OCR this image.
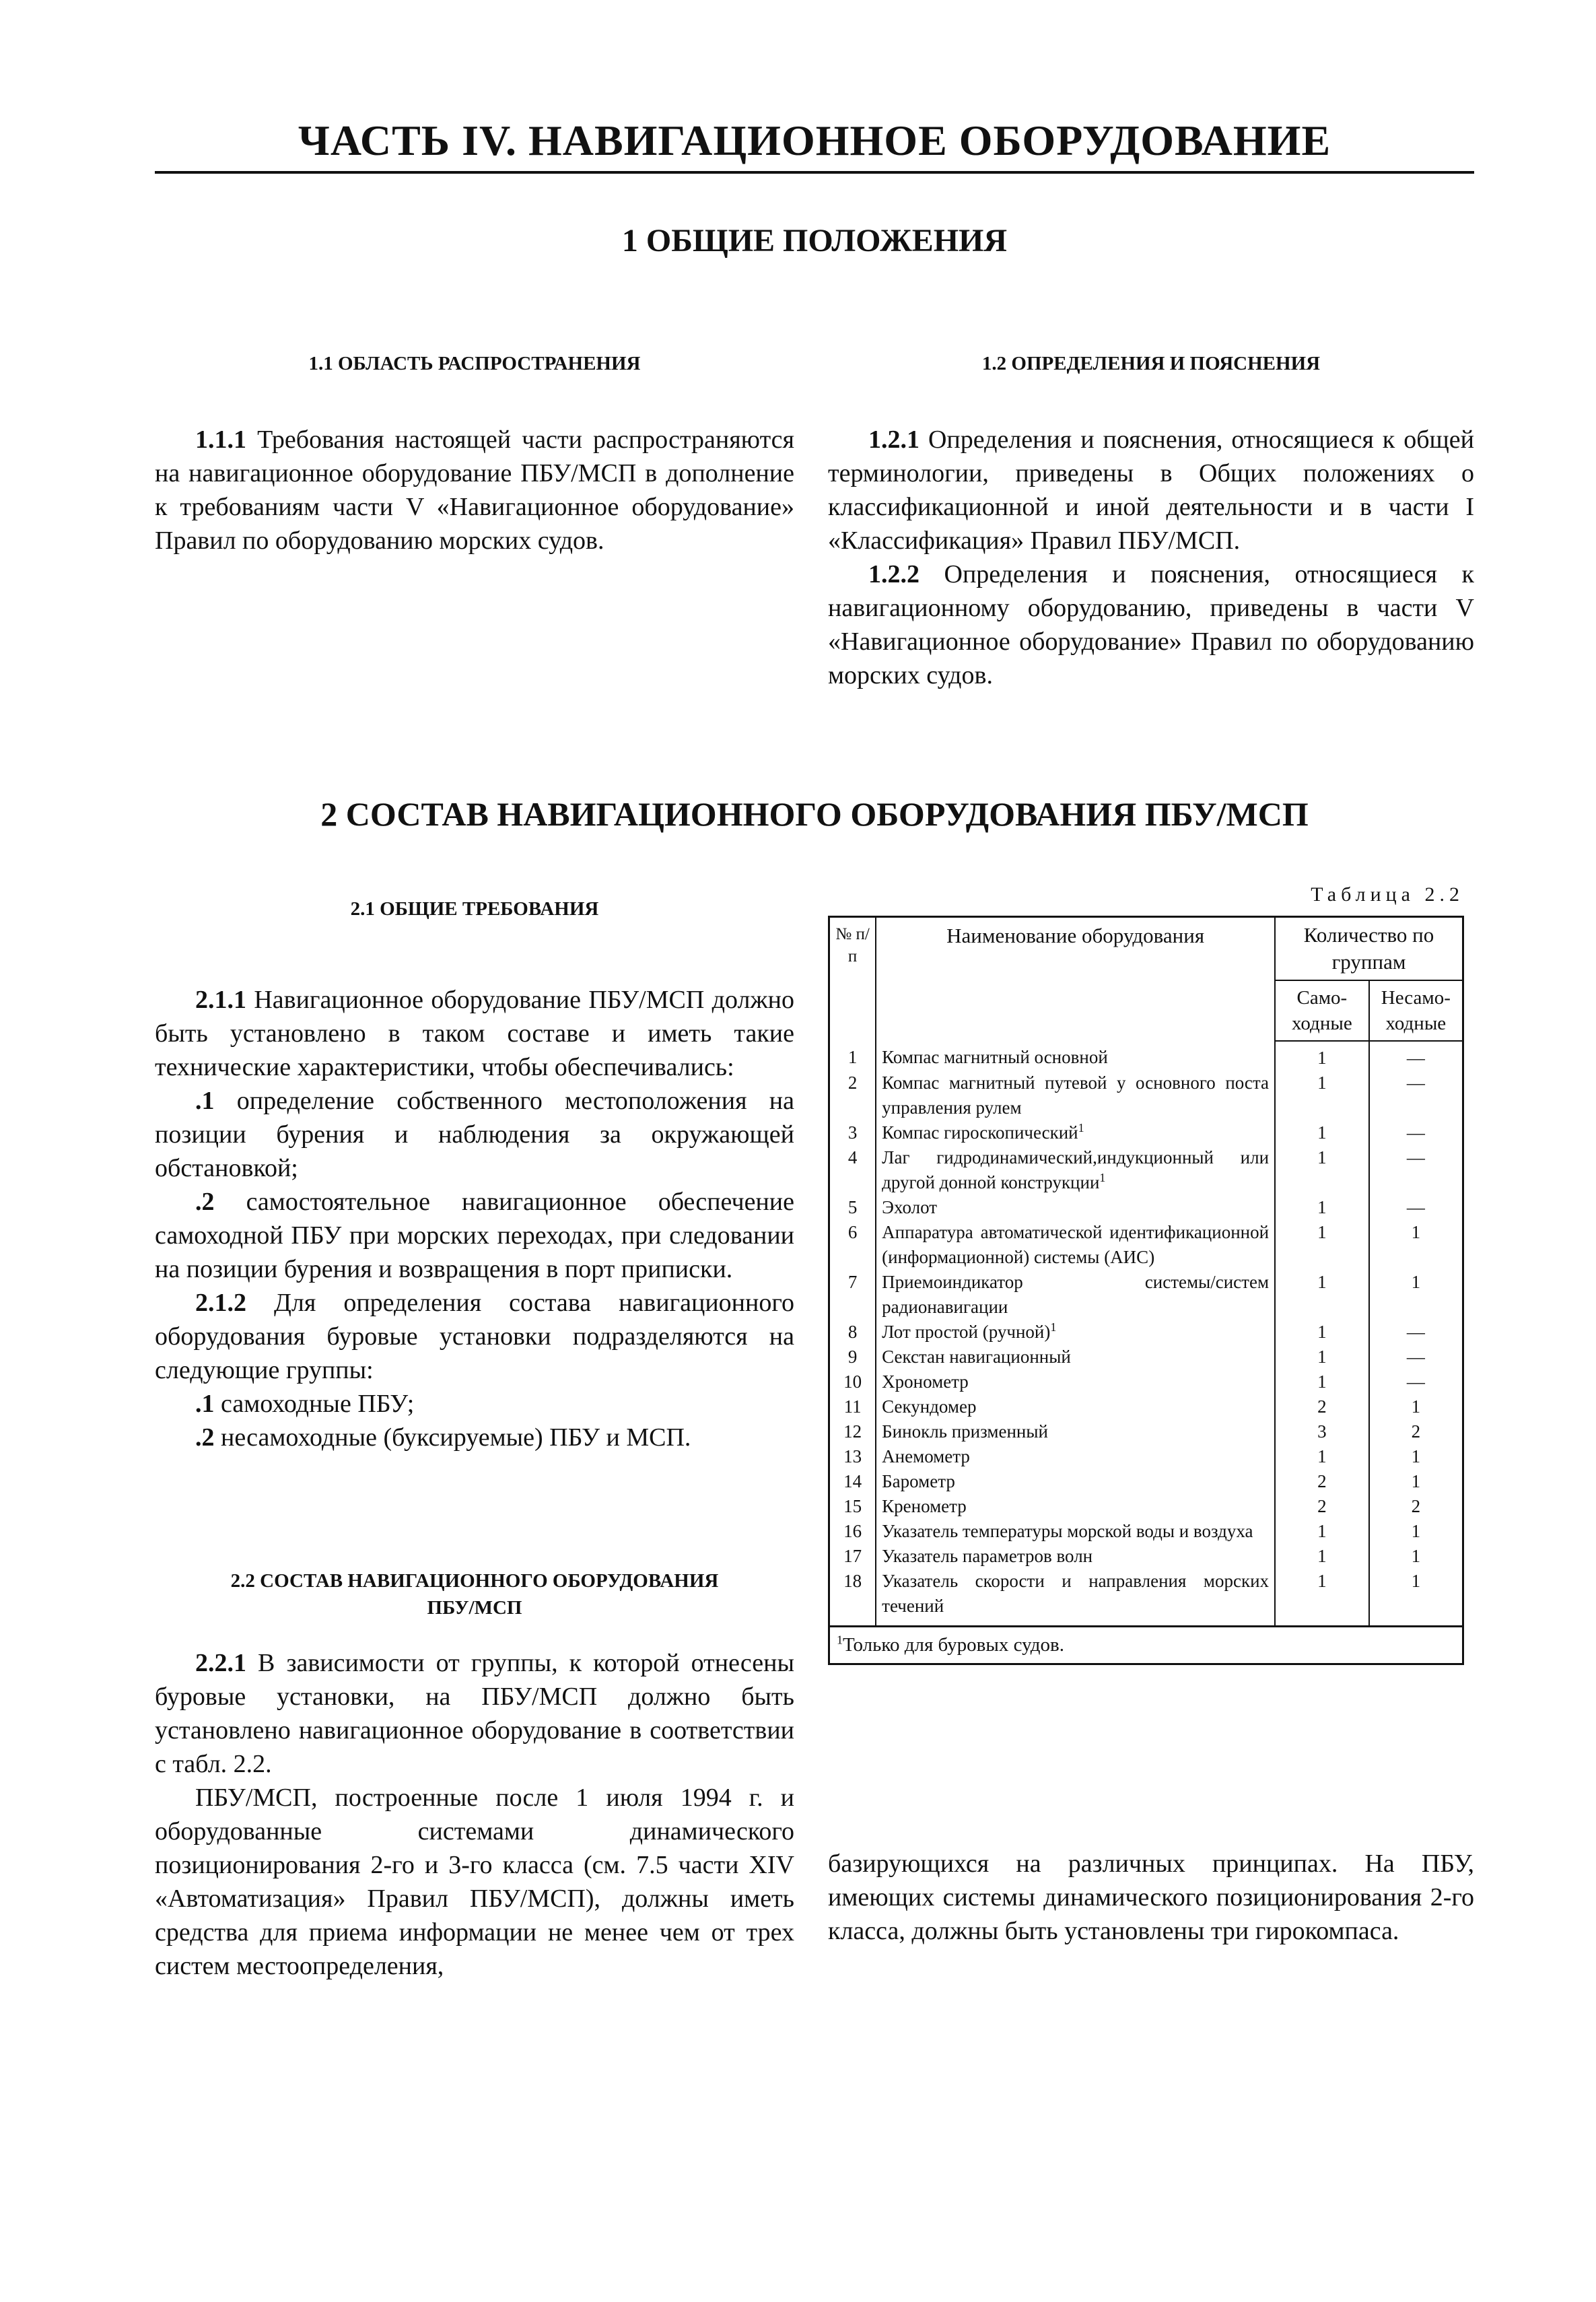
ЧАСТЬ IV. НАВИГАЦИОННОЕ ОБОРУДОВАНИЕ
1 ОБЩИЕ ПОЛОЖЕНИЯ
1.1 ОБЛАСТЬ РАСПРОСТРАНЕНИЯ	1.2 ОПРЕДЕЛЕНИЯ И ПОЯСНЕНИЯ

1.1.1 Требования настоящей части распространяются на навигационное оборудование ПБУ/МСП в дополнение к требованиям части V «Навигационное оборудование» Правил по оборудованию морских судов.

1.2.1 Определения и пояснения, относящиеся к общей терминологии, приведены в Общих положениях о классификационной и иной деятельности и в части I «Классификация» Правил ПБУ/МСП.

1.2.2 Определения и пояснения, относящиеся к навигационному оборудованию, приведены в части V «Навигационное оборудование» Правил по оборудованию морских судов.

2 СОСТАВ НАВИГАЦИОННОГО ОБОРУДОВАНИЯ ПБУ/МСП
2.1 ОБЩИЕ ТРЕБОВАНИЯ

2.1.1 Навигационное оборудование ПБУ/МСП должно быть установлено в таком составе и иметь такие технические характеристики, чтобы обеспечивались:

.1 определение собственного местоположения на позиции бурения и наблюдения за окружающей обстановкой;

.2 самостоятельное навигационное обеспечение самоходной ПБУ при морских переходах, при следовании на позиции бурения и возвращения в порт приписки.

2.1.2 Для определения состава навигационного оборудования буровые установки подразделяются на следующие группы:

.1 самоходные ПБУ;

.2 несамоходные (буксируемые) ПБУ и МСП.

2.2 СОСТАВ НАВИГАЦИОННОГО ОБОРУДОВАНИЯ
ПБУ/МСП

2.2.1 В зависимости от группы, к которой отнесены буровые установки, на ПБУ/МСП должно быть установлено навигационное оборудование в соответствии с табл. 2.2.

ПБУ/МСП, построенные после 1 июля 1994 г. и оборудованные системами динамического позиционирования 2-го и 3-го класса (см. 7.5 части XIV «Автоматизация» Правил ПБУ/МСП), должны иметь средства для приема информации не менее чем от трех систем местоопределения,

базирующихся на различных принципах. На ПБУ, имеющих системы динамического позиционирования 2-го класса, должны быть установлены три гирокомпаса.

Таблица 2.2
№ п/п	Наименование оборудования	Количество по группам	
		Само-ходные	Несамо-ходные
1	Компас магнитный основной	1	—
2	Компас магнитный путевой у основного поста управления рулем	1	—
3	Компас гироскопический$^1$	1	—
4	Лаг гидродинамический,индукционный или другой донной конструкции$^1$	1	—
5	Эхолот	1	—
6	Аппаратура автоматической идентификационной (информационной) системы (АИС)	1	1
7	Приемоиндикатор системы/систем радионавигации	1	1
8	Лот простой (ручной)$^1$	1	—
9	Секстан навигационный	1	—
10	Хронометр	1	—
11	Секундомер	2	1
12	Бинокль призменный	3	2
13	Анемометр	1	1
14	Барометр	2	1
15	Кренометр	2	2
16	Указатель температуры морской воды и воздуха	1	1
17	Указатель параметров волн	1	1
18	Указатель скорости и направления морских течений	1	1
$^1$Только для буровых судов.			
